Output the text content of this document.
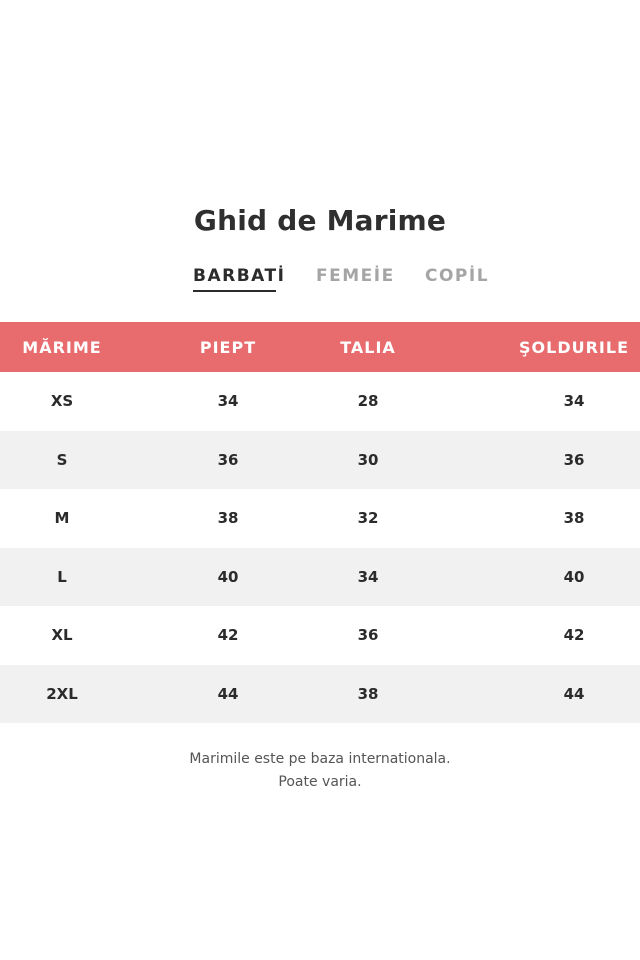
Ghid de Marime
BARBATİ FEMEİE COPİL
MĂRIME	PIEPT	TALIA	ŞOLDURILE
XS	34	28	34
S	36	30	36
M	38	32	38
L	40	34	40
XL	42	36	42
2XL	44	38	44
Marimile este pe baza internationala.
Poate varia.
